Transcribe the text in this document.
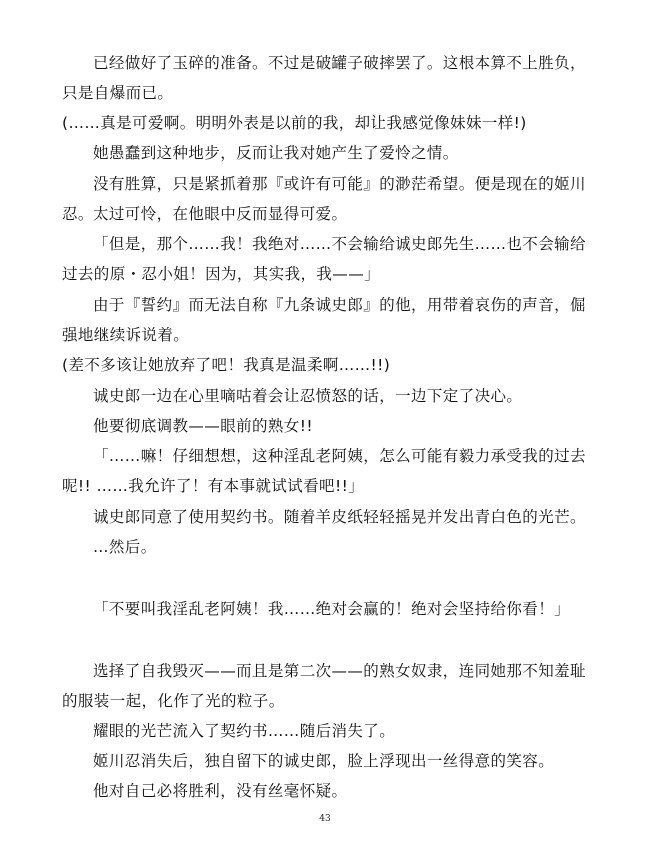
已经做好了玉碎的准备。不过是破罐子破摔罢了。这根本算不上胜负，只是自爆而已。

(……真是可爱啊。明明外表是以前的我，却让我感觉像妹妹一样!)

她愚蠢到这种地步，反而让我对她产生了爱怜之情。

没有胜算，只是紧抓着那『或许有可能』的渺茫希望。便是现在的姬川忍。 太过可怜，在他眼中反而显得可爱。

「但是，那个……我！我绝对……不会输给诚史郎先生……也不会输给过去的原・忍小姐！因为，其实我，我——」

由于『誓约』而无法自称『九条诚史郎』的他，用带着哀伤的声音，倔强地继续诉说着。

(差不多该让她放弃了吧！我真是温柔啊……!!)

诚史郎一边在心里嘀咕着会让忍愤怒的话，一边下定了决心。

他要彻底调教——眼前的熟女!!

「……嘛！仔细想想，这种淫乱老阿姨，怎么可能有毅力承受我的过去呢!! ……我允许了！有本事就试试看吧!!」

诚史郎同意了使用契约书。随着羊皮纸轻轻摇晃并发出青白色的光芒。

…然后。

「不要叫我淫乱老阿姨！我……绝对会赢的！绝对会坚持给你看！」

选择了自我毁灭——而且是第二次——的熟女奴隶，连同她那不知羞耻的服装一起，化作了光的粒子。

耀眼的光芒流入了契约书……随后消失了。

姬川忍消失后，独自留下的诚史郎，脸上浮现出一丝得意的笑容。

他对自己必将胜利，没有丝毫怀疑。

43
